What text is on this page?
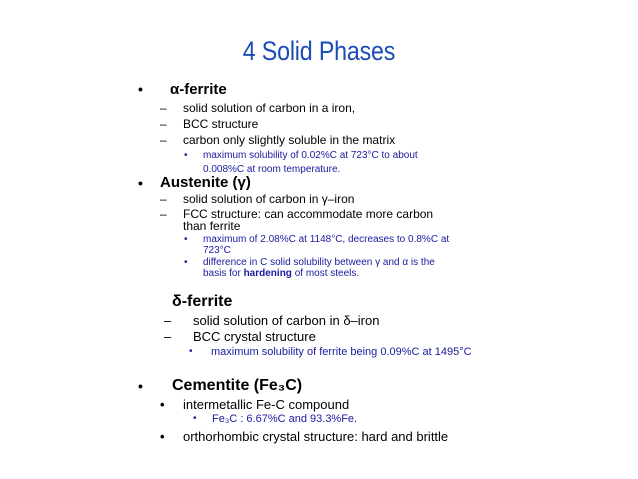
4 Solid Phases
• α-ferrite
– solid solution of carbon in a iron,
– BCC structure
– carbon only slightly soluble in the matrix
• maximum solubility of 0.02%C at 723°C to about
0.008%C at room temperature.
• Austenite (γ)
– solid solution of carbon in γ–iron
– FCC structure: can accommodate more carbon
than ferrite
• maximum of 2.08%C at 1148°C, decreases to 0.8%C at
723°C
• difference in C solid solubility between γ and α is the
basis for hardening of most steels.
δ-ferrite
– solid solution of carbon in δ–iron
– BCC crystal structure
• maximum solubility of ferrite being 0.09%C at 1495°C
• Cementite (Fe₃C)
• intermetallic Fe-C compound
• Fe₃C : 6.67%C and 93.3%Fe.
• orthorhombic crystal structure: hard and brittle
